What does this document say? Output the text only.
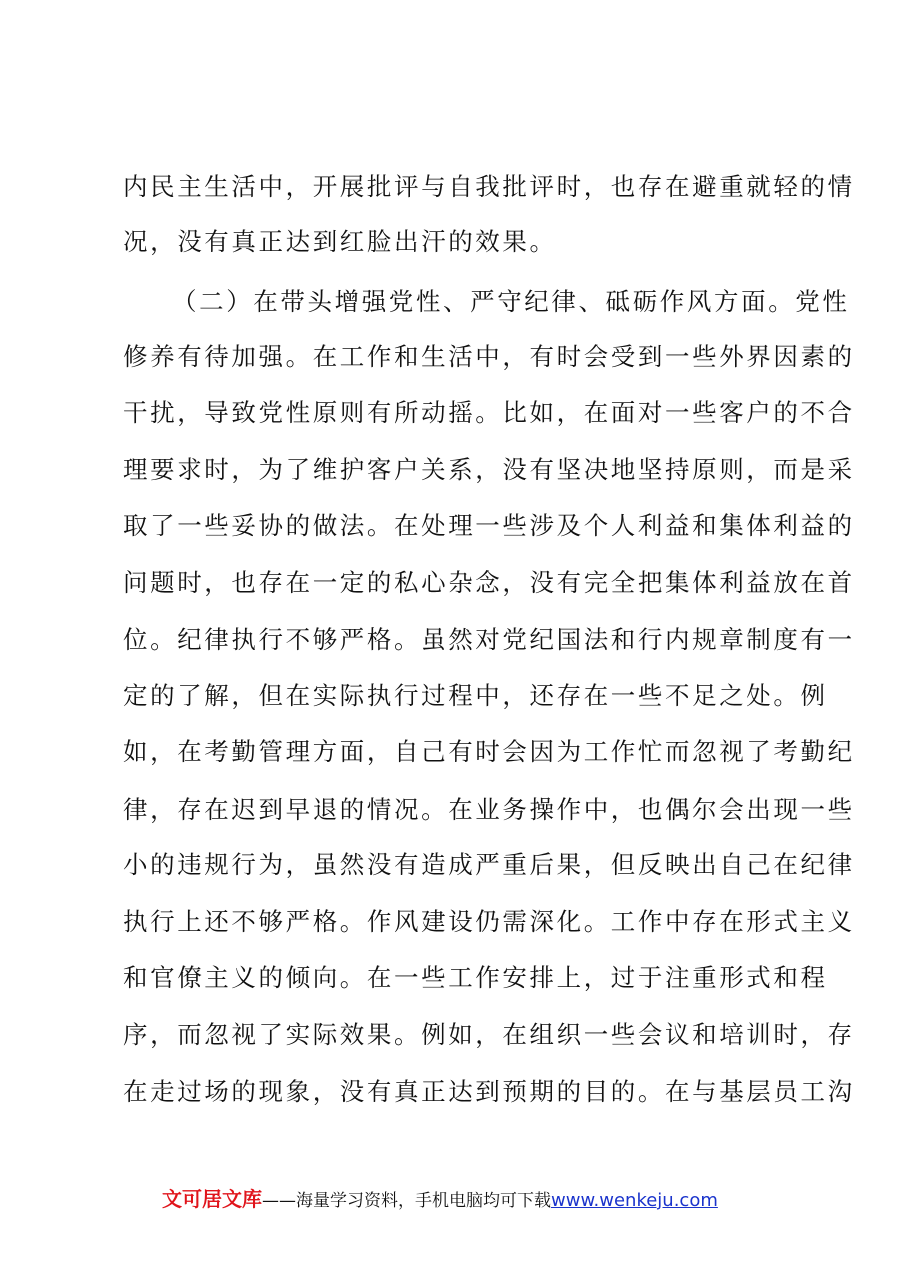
内民主生活中，开展批评与自我批评时，也存在避重就轻的情
况，没有真正达到红脸出汗的效果。
（二）在带头增强党性、严守纪律、砥砺作风方面。党性
修养有待加强。在工作和生活中，有时会受到一些外界因素的
干扰，导致党性原则有所动摇。比如，在面对一些客户的不合
理要求时，为了维护客户关系，没有坚决地坚持原则，而是采
取了一些妥协的做法。在处理一些涉及个人利益和集体利益的
问题时，也存在一定的私心杂念，没有完全把集体利益放在首
位。纪律执行不够严格。虽然对党纪国法和行内规章制度有一
定的了解，但在实际执行过程中，还存在一些不足之处。例
如，在考勤管理方面，自己有时会因为工作忙而忽视了考勤纪
律，存在迟到早退的情况。在业务操作中，也偶尔会出现一些
小的违规行为，虽然没有造成严重后果，但反映出自己在纪律
执行上还不够严格。作风建设仍需深化。工作中存在形式主义
和官僚主义的倾向。在一些工作安排上，过于注重形式和程
序，而忽视了实际效果。例如，在组织一些会议和培训时，存
在走过场的现象，没有真正达到预期的目的。在与基层员工沟
文可居文库——海量学习资料，手机电脑均可下载www.wenkeju.com
